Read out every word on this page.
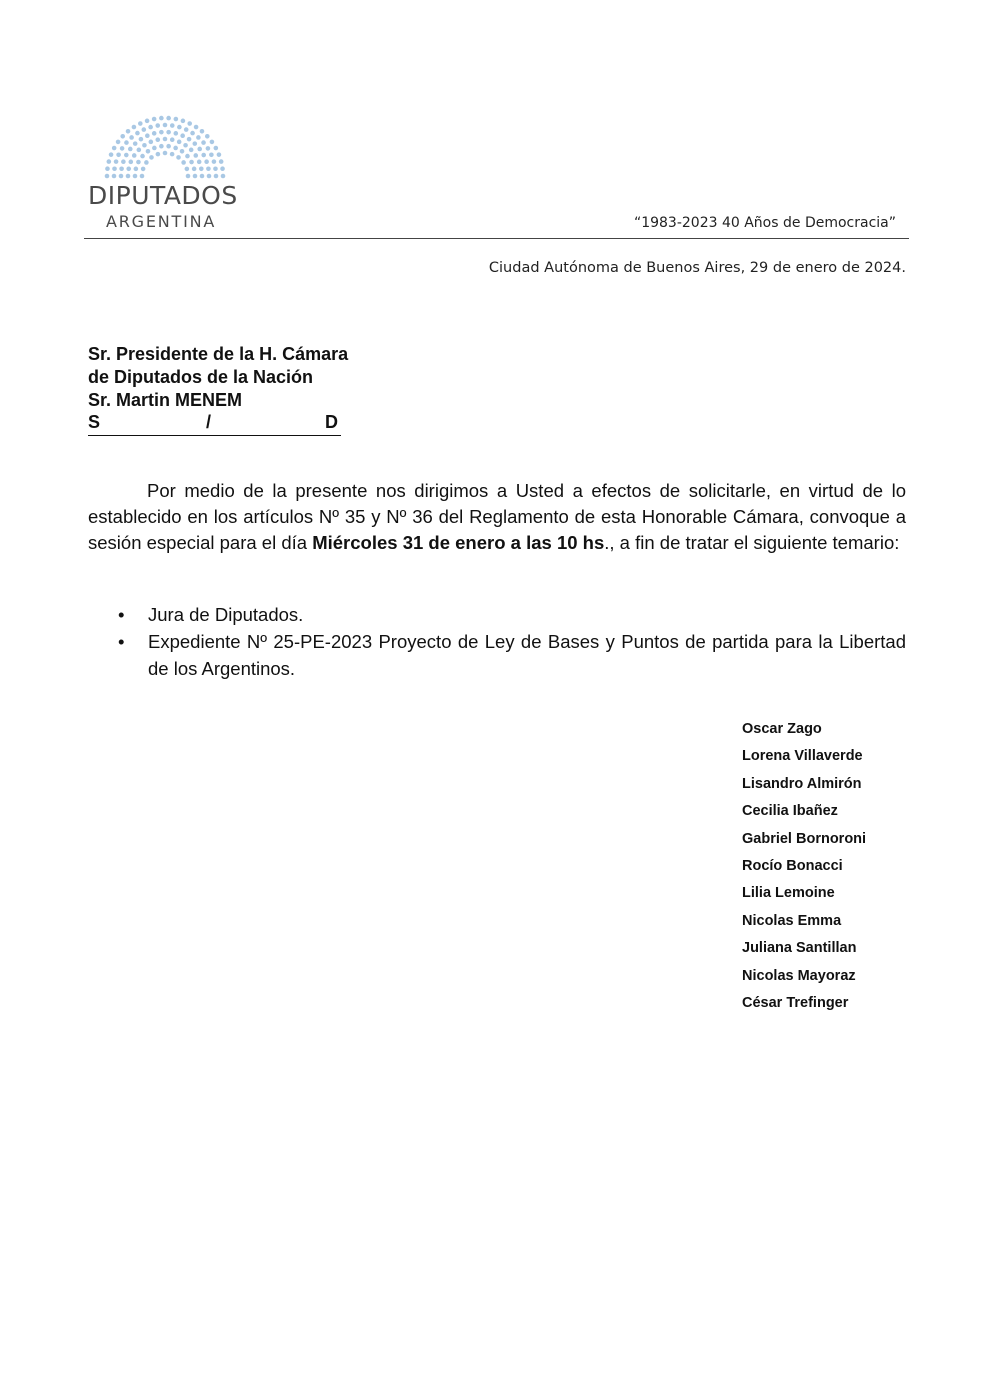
DIPUTADOS
ARGENTINA	“1983-2023 40 Años de Democracia”
Ciudad Autónoma de Buenos Aires, 29 de enero de 2024.
Sr. Presidente de la H. Cámara
de Diputados de la Nación
Sr. Martin MENEM
S	/	D
Por medio de la presente nos dirigimos a Usted a efectos de solicitarle, en virtud de lo establecido en los artículos Nº 35 y Nº 36 del Reglamento de esta Honorable Cámara, convoque a sesión especial para el día Miércoles 31 de enero a las 10 hs., a fin de tratar el siguiente temario:
• Jura de Diputados.
• Expediente Nº 25-PE-2023 Proyecto de Ley de Bases y Puntos de partida para la Libertad de los Argentinos.
Oscar Zago
Lorena Villaverde
Lisandro Almirón
Cecilia Ibañez
Gabriel Bornoroni
Rocío Bonacci
Lilia Lemoine
Nicolas Emma
Juliana Santillan
Nicolas Mayoraz
César Trefinger
